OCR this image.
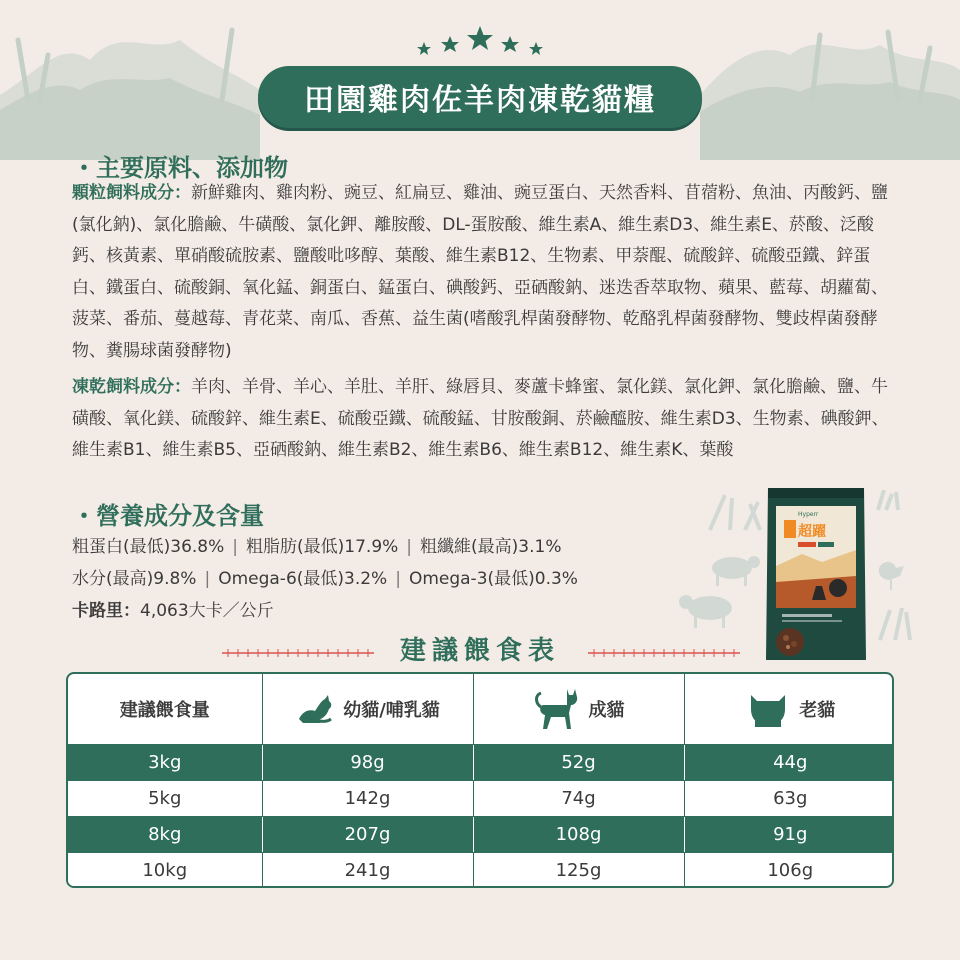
田園雞肉佐羊肉凍乾貓糧
・主要原料、添加物
顆粒飼料成分：新鮮雞肉、雞肉粉、豌豆、紅扁豆、雞油、豌豆蛋白、天然香料、苜蓿粉、魚油、丙酸鈣、鹽(氯化鈉)、氯化膽鹼、牛磺酸、氯化鉀、離胺酸、DL-蛋胺酸、維生素A、維生素D3、維生素E、菸酸、泛酸鈣、核黃素、單硝酸硫胺素、鹽酸吡哆醇、葉酸、維生素B12、生物素、甲萘醌、硫酸鋅、硫酸亞鐵、鋅蛋白、鐵蛋白、硫酸銅、氧化錳、銅蛋白、錳蛋白、碘酸鈣、亞硒酸鈉、迷迭香萃取物、蘋果、藍莓、胡蘿蔔、菠菜、番茄、蔓越莓、青花菜、南瓜、香蕉、益生菌(嗜酸乳桿菌發酵物、乾酪乳桿菌發酵物、雙歧桿菌發酵物、糞腸球菌發酵物)
凍乾飼料成分：羊肉、羊骨、羊心、羊肚、羊肝、綠唇貝、麥蘆卡蜂蜜、氯化鎂、氯化鉀、氯化膽鹼、鹽、牛磺酸、氧化鎂、硫酸鋅、維生素E、硫酸亞鐵、硫酸錳、甘胺酸銅、菸鹼醯胺、維生素D3、生物素、碘酸鉀、維生素B1、維生素B5、亞硒酸鈉、維生素B2、維生素B6、維生素B12、維生素K、葉酸
・營養成分及含量
粗蛋白(最低)36.8% | 粗脂肪(最低)17.9% | 粗纖維(最高)3.1%
水分(最高)9.8% | Omega-6(最低)3.2% | Omega-3(最低)0.3%
卡路里：4,063大卡／公斤
Hyperr
超躍
建議餵食表
建議餵食量	幼貓/哺乳貓	成貓	老貓

3kg	98g	52g	44g
5kg	142g	74g	63g
8kg	207g	108g	91g
10kg	241g	125g	106g
